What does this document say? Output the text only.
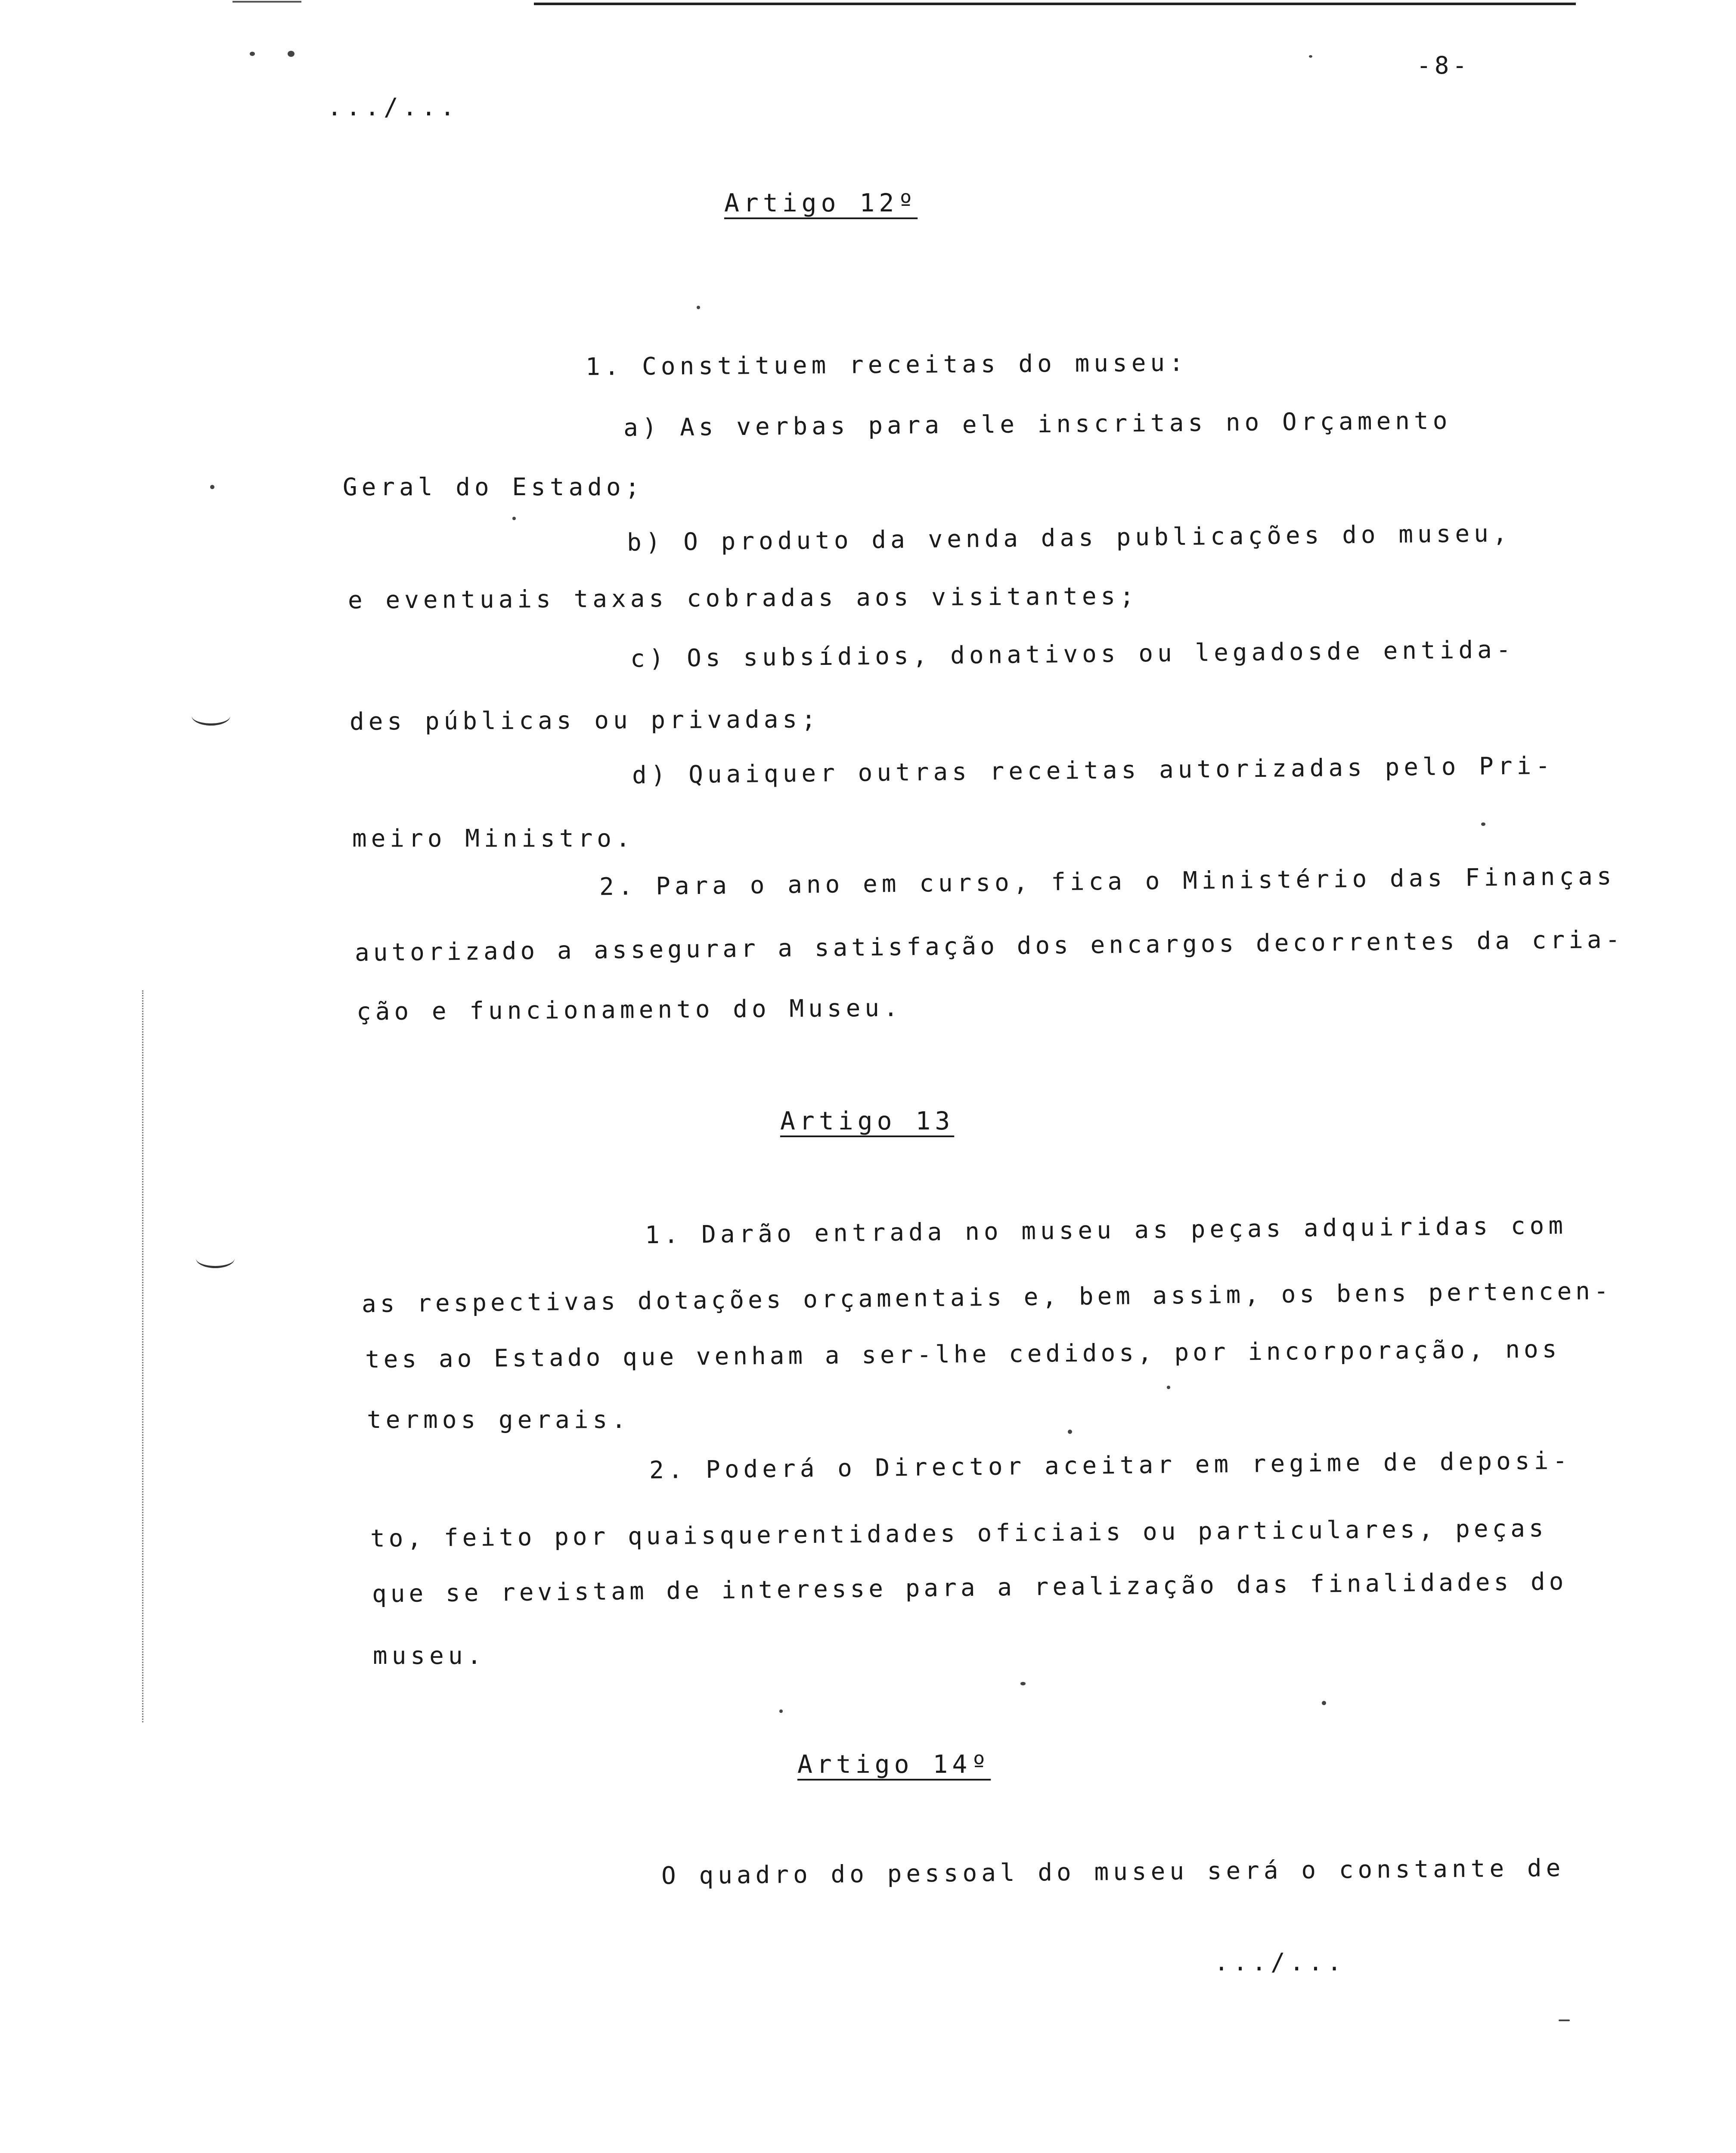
-8-
.../...
Artigo 12º
1. Constituem receitas do museu:
a) As verbas para ele inscritas no Orçamento
Geral do Estado;
b) O produto da venda das publicações do museu,
e eventuais taxas cobradas aos visitantes;
c) Os subsídios, donativos ou legadosde entida-
des públicas ou privadas;
d) Quaiquer outras receitas autorizadas pelo Pri-
meiro Ministro.
2. Para o ano em curso, fica o Ministério das Finanças
autorizado a assegurar a satisfação dos encargos decorrentes da cria-
ção e funcionamento do Museu.
Artigo 13
1. Darão entrada no museu as peças adquiridas com
as respectivas dotações orçamentais e, bem assim, os bens pertencen-
tes ao Estado que venham a ser-lhe cedidos, por incorporação, nos
termos gerais.
2. Poderá o Director aceitar em regime de deposi-
to, feito por quaisquerentidades oficiais ou particulares, peças
que se revistam de interesse para a realização das finalidades do
museu.
Artigo 14º
O quadro do pessoal do museu será o constante de
.../...
